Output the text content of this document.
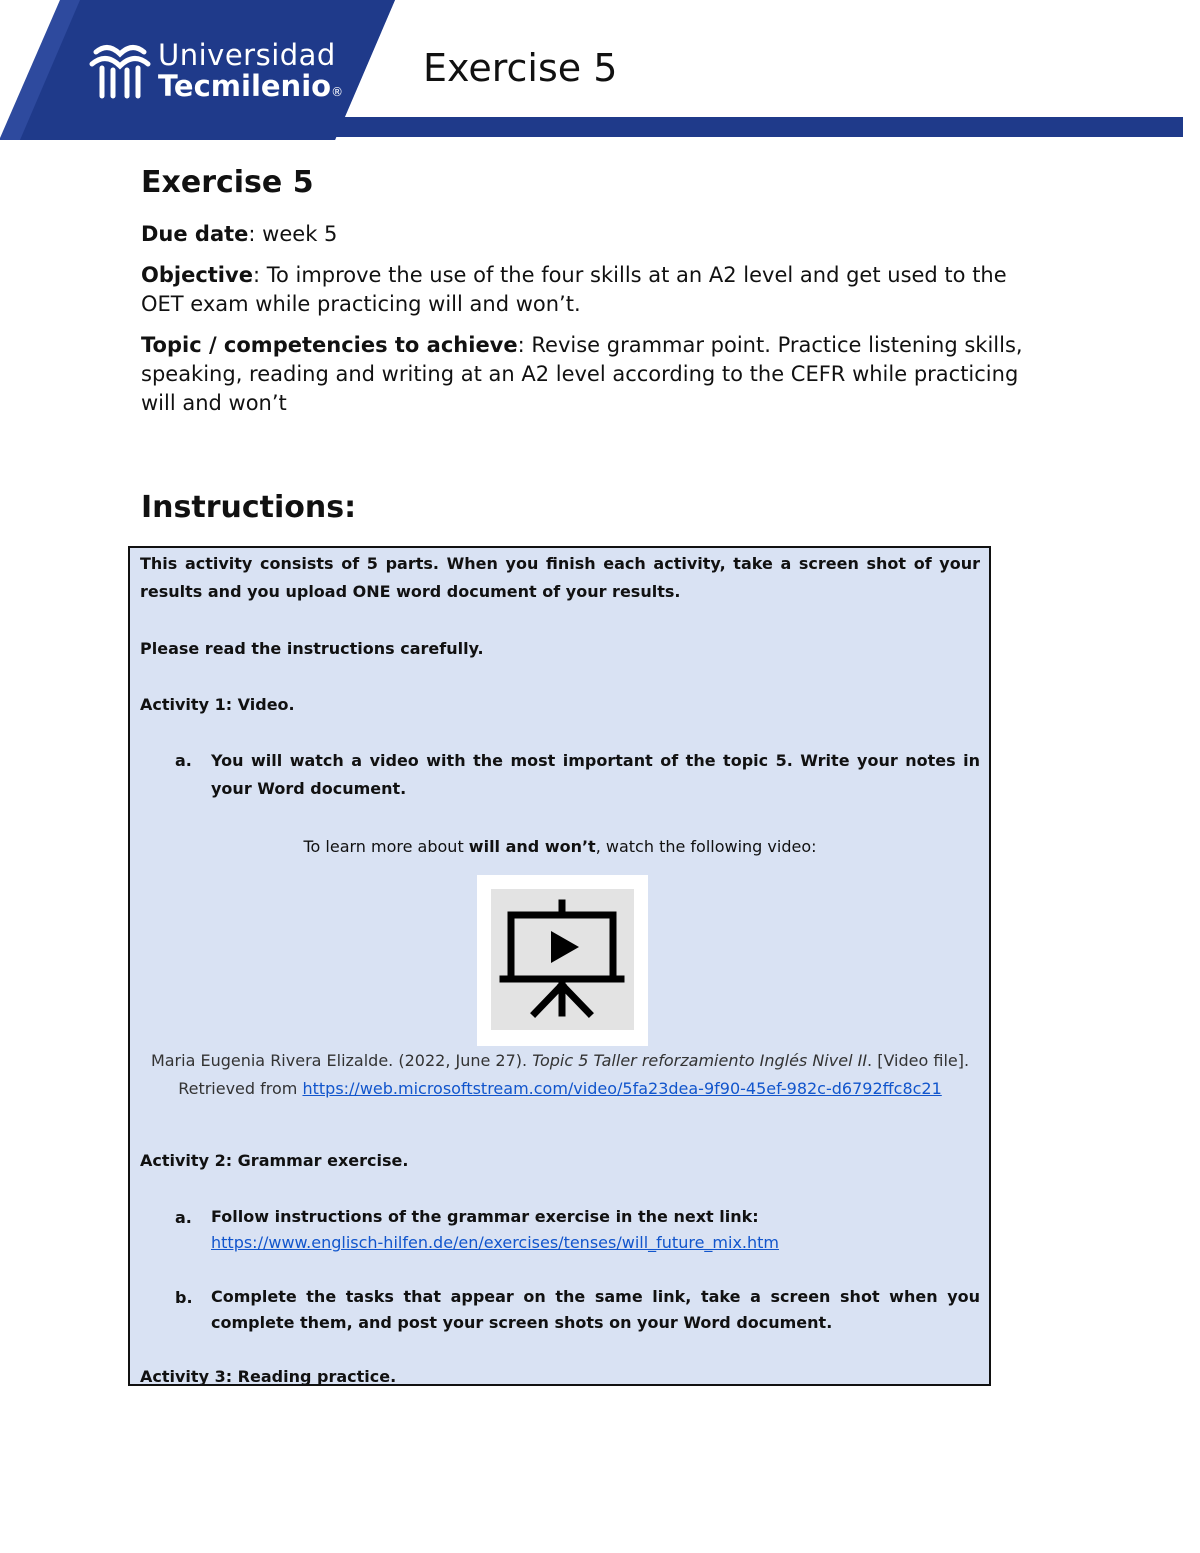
Universidad
Tecmilenio®
Exercise 5

Exercise 5

Due date: week 5

Objective: To improve the use of the four skills at an A2 level and get used to the OET exam while practicing will and won’t.

Topic / competencies to achieve: Revise grammar point. Practice listening skills, speaking, reading and writing at an A2 level according to the CEFR while practicing will and won’t

Instructions:

This activity consists of 5 parts. When you finish each activity, take a screen shot of your results and you upload ONE word document of your results.

Please read the instructions carefully.

Activity 1: Video.

a. You will watch a video with the most important of the topic 5. Write your notes in your Word document.

To learn more about will and won’t, watch the following video:

Maria Eugenia Rivera Elizalde. (2022, June 27). Topic 5 Taller reforzamiento Inglés Nivel II. [Video file]. Retrieved from https://web.microsoftstream.com/video/5fa23dea-9f90-45ef-982c-d6792ffc8c21

Activity 2: Grammar exercise.

a. Follow instructions of the grammar exercise in the next link:
https://www.englisch-hilfen.de/en/exercises/tenses/will_future_mix.htm
b. Complete the tasks that appear on the same link, take a screen shot when you complete them, and post your screen shots on your Word document.

Activity 3: Reading practice.
